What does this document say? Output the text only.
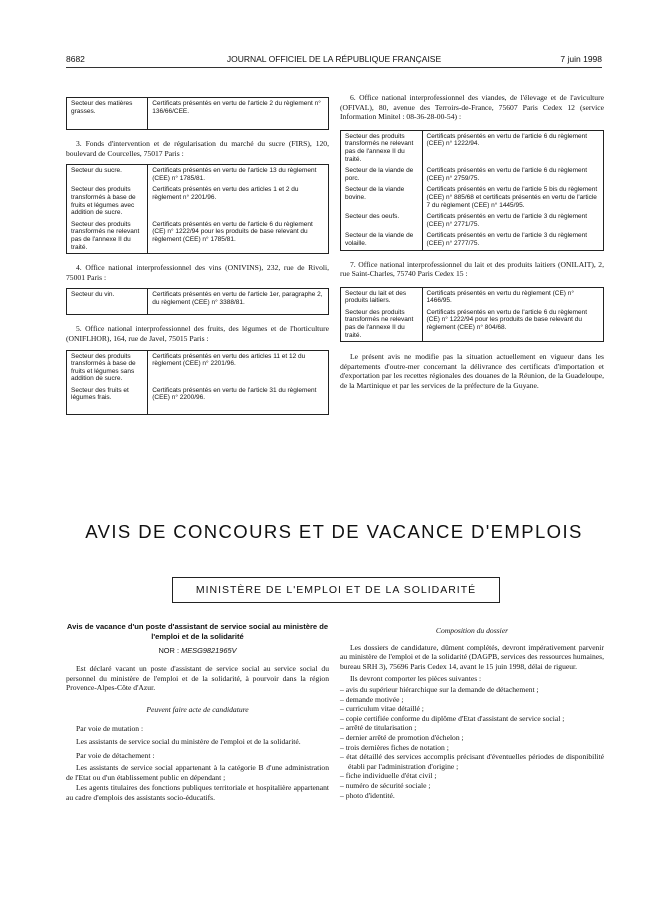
8682	JOURNAL OFFICIEL DE LA RÉPUBLIQUE FRANÇAISE	7 juin 1998
Secteur des matières grasses.	Certificats présentés en vertu de l'article 2 du règlement n° 136/66/CEE.

3. Fonds d'intervention et de régularisation du marché du sucre (FIRS), 120, boulevard de Courcelles, 75017 Paris :

Secteur du sucre.	Certificats présentés en vertu de l'article 13 du règlement (CEE) n° 1785/81.
Secteur des produits transformés à base de fruits et légumes avec addition de sucre.	Certificats présentés en vertu des articles 1 et 2 du règlement n° 2201/96.
Secteur des produits transformés ne relevant pas de l'annexe II du traité.	Certificats présentés en vertu de l'article 6 du règlement (CE) n° 1222/94 pour les produits de base relevant du règlement (CEE) n° 1785/81.

4. Office national interprofessionnel des vins (ONIVINS), 232, rue de Rivoli, 75001 Paris :

Secteur du vin.	Certificats présentés en vertu de l'article 1er, paragraphe 2, du règlement (CEE) n° 3388/81.

5. Office national interprofessionnel des fruits, des légumes et de l'horticulture (ONIFLHOR), 164, rue de Javel, 75015 Paris :

Secteur des produits transformés à base de fruits et légumes sans addition de sucre.	Certificats présentés en vertu des articles 11 et 12 du règlement (CEE) n° 2201/96.
Secteur des fruits et légumes frais.	Certificats présentés en vertu de l'article 31 du règlement (CEE) n° 2200/96.

6. Office national interprofessionnel des viandes, de l'élevage et de l'aviculture (OFIVAL), 80, avenue des Terroirs-de-France, 75607 Paris Cedex 12 (service Information Minitel : 08-36-28-00-54) :

Secteur des produits transformés ne relevant pas de l'annexe II du traité.	Certificats présentés en vertu de l'article 6 du règlement (CEE) n° 1222/94.
Secteur de la viande de porc.	Certificats présentés en vertu de l'article 6 du règlement (CEE) n° 2759/75.
Secteur de la viande bovine.	Certificats présentés en vertu de l'article 5 bis du règlement (CEE) n° 885/68 et certificats présentés en vertu de l'article 7 du règlement (CEE) n° 1445/95.
Secteur des oeufs.	Certificats présentés en vertu de l'article 3 du règlement (CEE) n° 2771/75.
Secteur de la viande de volaille.	Certificats présentés en vertu de l'article 3 du règlement (CEE) n° 2777/75.

7. Office national interprofessionnel du lait et des produits laitiers (ONILAIT), 2, rue Saint-Charles, 75740 Paris Cedex 15 :

Secteur du lait et des produits laitiers.	Certificats présentés en vertu du règlement (CE) n° 1466/95.
Secteur des produits transformés ne relevant pas de l'annexe II du traité.	Certificats présentés en vertu de l'article 6 du règlement (CE) n° 1222/94 pour les produits de base relevant du règlement (CEE) n° 804/68.

Le présent avis ne modifie pas la situation actuellement en vigueur dans les départements d'outre-mer concernant la délivrance des certificats d'importation et d'exportation par les recettes régionales des douanes de la Réunion, de la Guadeloupe, de la Martinique et par les services de la préfecture de la Guyane.

AVIS DE CONCOURS ET DE VACANCE D'EMPLOIS
MINISTÈRE DE L'EMPLOI ET DE LA SOLIDARITÉ
Avis de vacance d'un poste d'assistant de service social au ministère de l'emploi et de la solidarité
NOR : MESG9821965V

Est déclaré vacant un poste d'assistant de service social au service social du personnel du ministère de l'emploi et de la solidarité, à pourvoir dans la région Provence-Alpes-Côte d'Azur.

Peuvent faire acte de candidature

Par voie de mutation :

Les assistants de service social du ministère de l'emploi et de la solidarité.

Par voie de détachement :

Les assistants de service social appartenant à la catégorie B d'une administration de l'Etat ou d'un établissement public en dépendant ;

Les agents titulaires des fonctions publiques territoriale et hospitalière appartenant au cadre d'emplois des assistants socio-éducatifs.

Composition du dossier

Les dossiers de candidature, dûment complétés, devront impérativement parvenir au ministère de l'emploi et de la solidarité (DAGPB, services des ressources humaines, bureau SRH 3), 75696 Paris Cedex 14, avant le 15 juin 1998, délai de rigueur.

Ils devront comporter les pièces suivantes :

– avis du supérieur hiérarchique sur la demande de détachement ;
– demande motivée ;
– curriculum vitae détaillé ;
– copie certifiée conforme du diplôme d'Etat d'assistant de service social ;
– arrêté de titularisation ;
– dernier arrêté de promotion d'échelon ;
– trois dernières fiches de notation ;
– état détaillé des services accomplis précisant d'éventuelles périodes de disponibilité établi par l'administration d'origine ;
– fiche individuelle d'état civil ;
– numéro de sécurité sociale ;
– photo d'identité.
